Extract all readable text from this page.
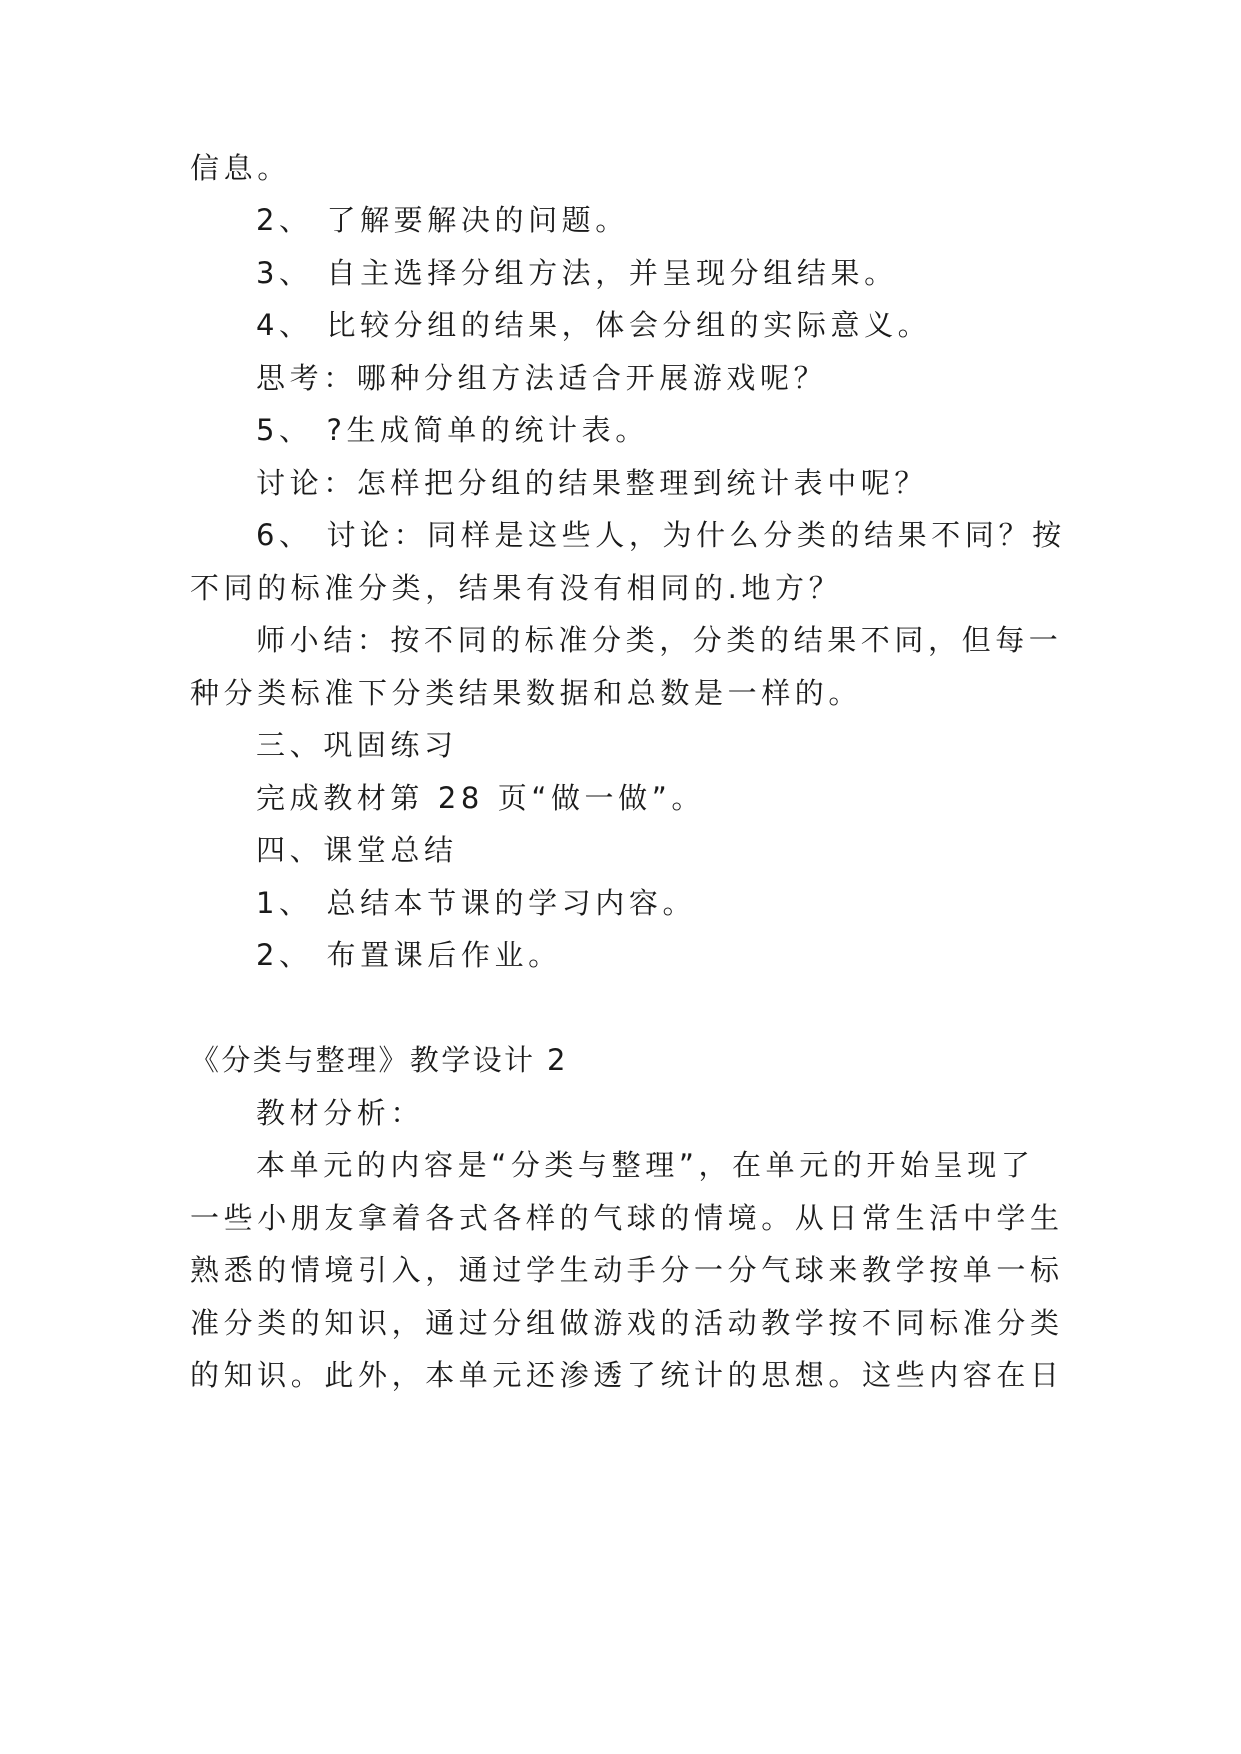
信息。

2、 了解要解决的问题。

3、 自主选择分组方法，并呈现分组结果。

4、 比较分组的结果，体会分组的实际意义。

思考：哪种分组方法适合开展游戏呢？

5、 ?生成简单的统计表。

讨论：怎样把分组的结果整理到统计表中呢？

6、 讨论：同样是这些人，为什么分类的结果不同？按

不同的标准分类，结果有没有相同的.地方？

师小结：按不同的标准分类，分类的结果不同，但每一

种分类标准下分类结果数据和总数是一样的。

三、巩固练习

完成教材第 28 页“做一做”。

四、课堂总结

1、 总结本节课的学习内容。

2、 布置课后作业。

《分类与整理》教学设计 2

教材分析：

本单元的内容是“分类与整理”，在单元的开始呈现了

一些小朋友拿着各式各样的气球的情境。从日常生活中学生

熟悉的情境引入，通过学生动手分一分气球来教学按单一标

准分类的知识，通过分组做游戏的活动教学按不同标准分类

的知识。此外，本单元还渗透了统计的思想。这些内容在日
